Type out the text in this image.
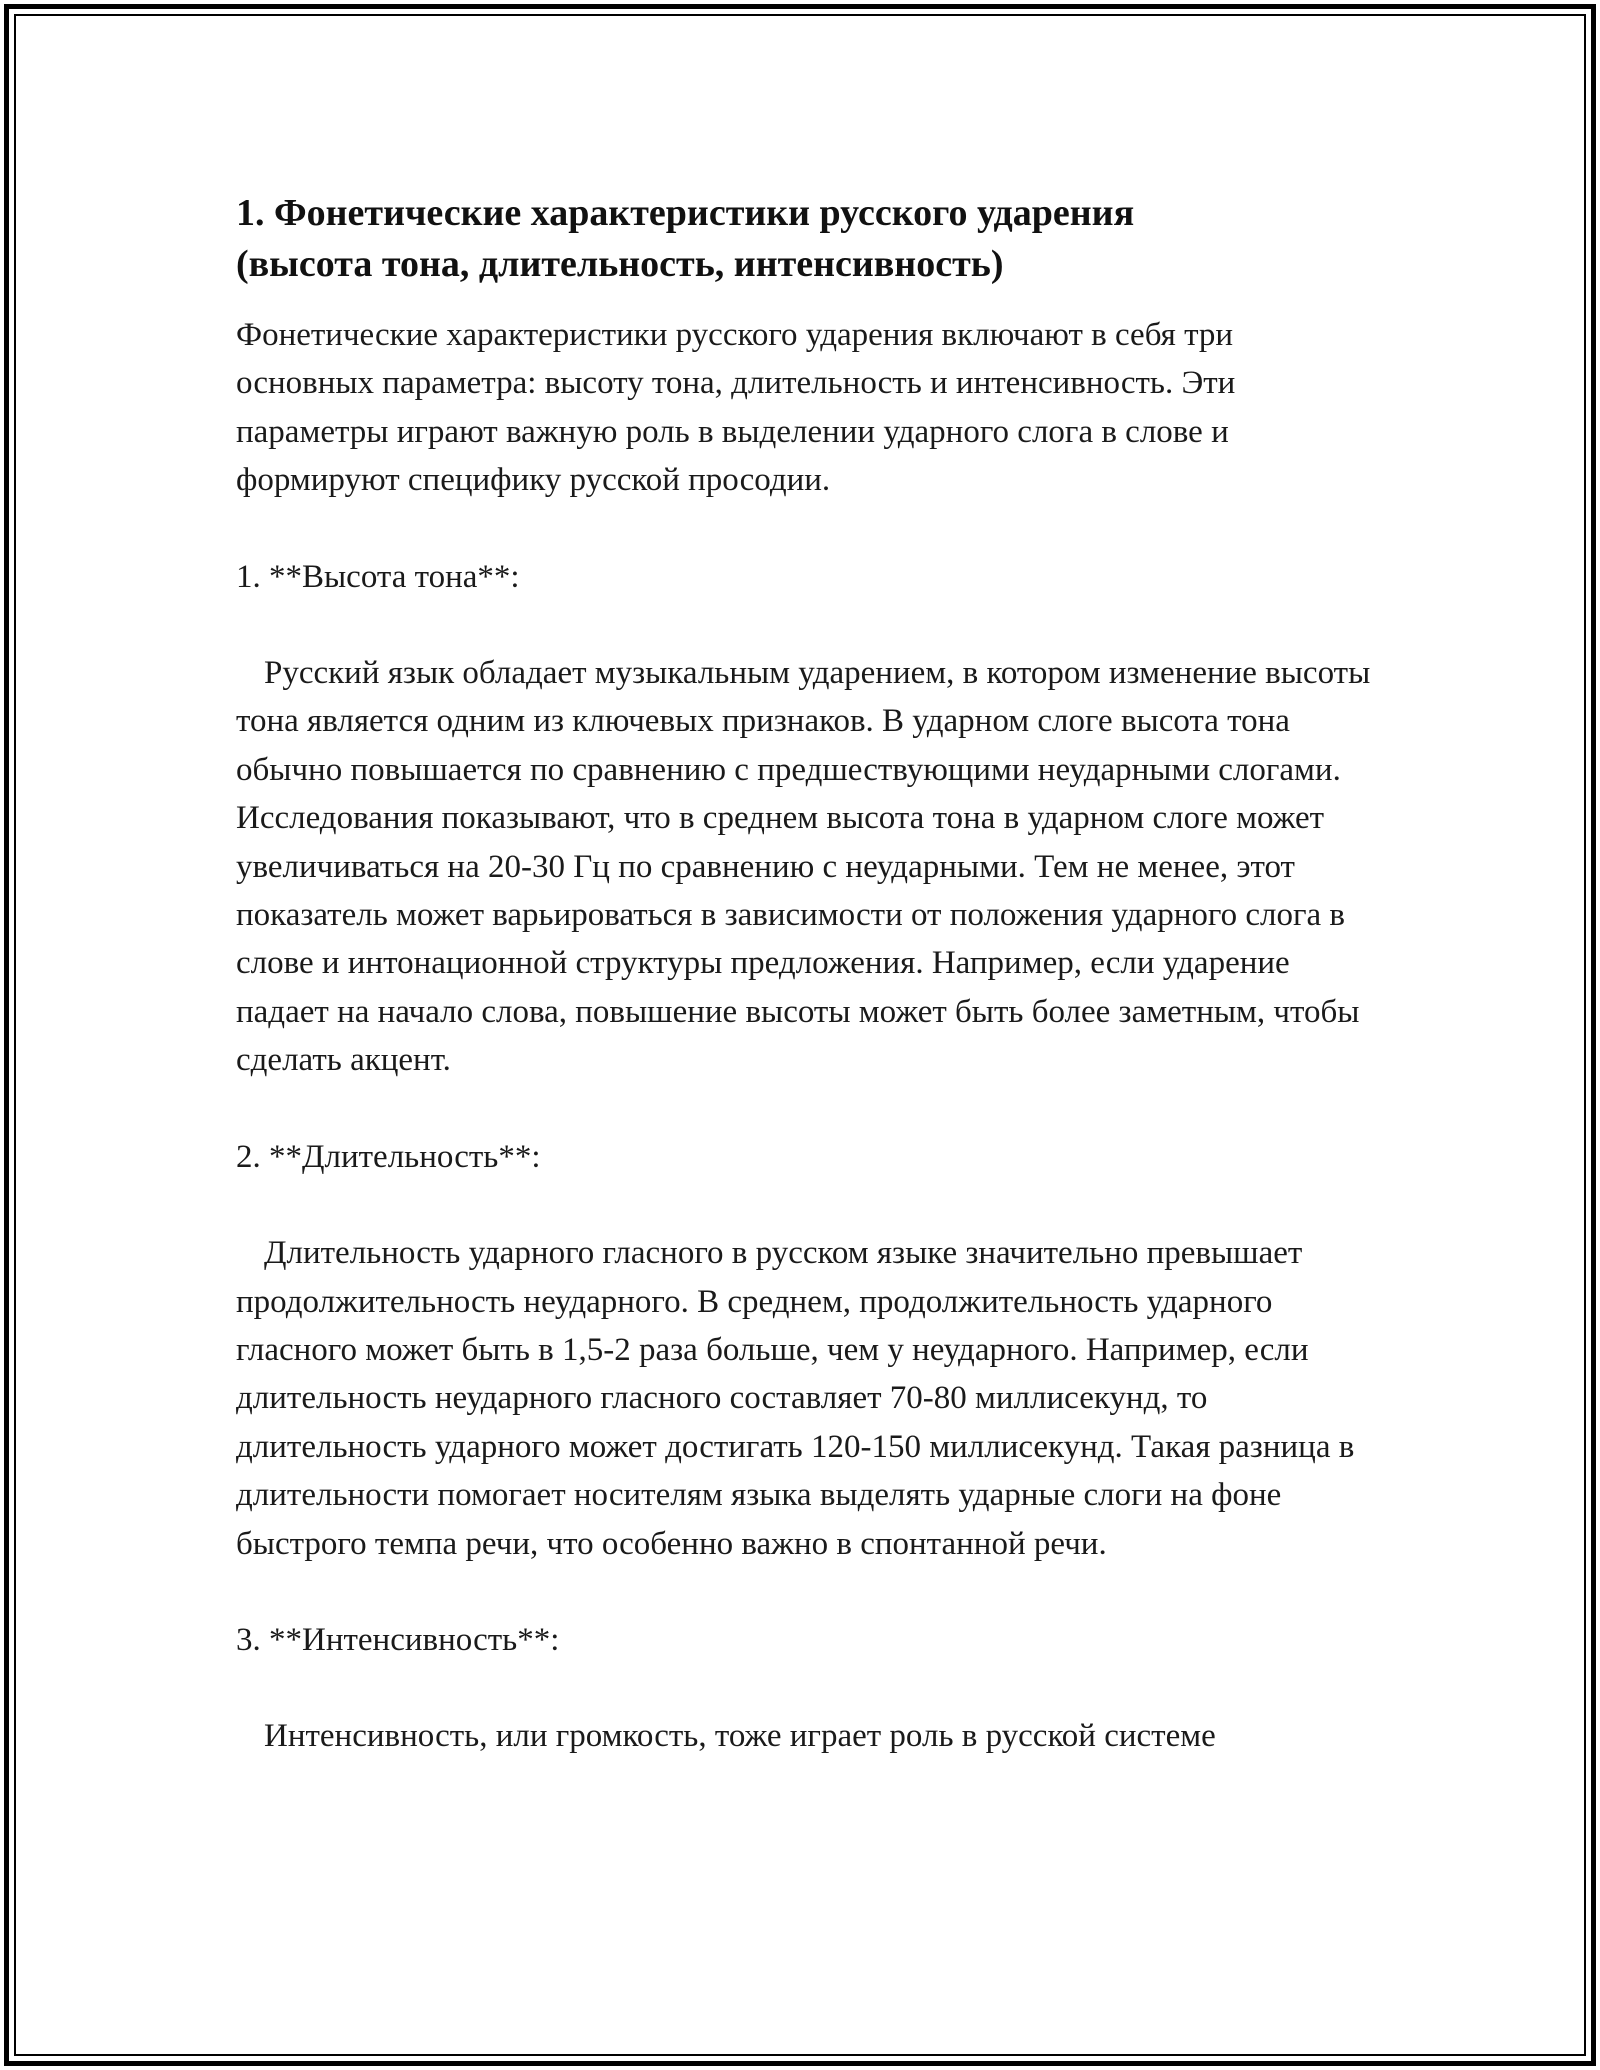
1. Фонетические характеристики русского ударения
(высота тона, длительность, интенсивность)

Фонетические характеристики русского ударения включают в себя три основных параметра: высоту тона, длительность и интенсивность. Эти параметры играют важную роль в выделении ударного слога в слове и формируют специфику русской просодии.

1. **Высота тона**:

Русский язык обладает музыкальным ударением, в котором изменение высоты тона является одним из ключевых признаков. В ударном слоге высота тона обычно повышается по сравнению с предшествующими неударными слогами. Исследования показывают, что в среднем высота тона в ударном слоге может увеличиваться на 20-30 Гц по сравнению с неударными. Тем не менее, этот показатель может варьироваться в зависимости от положения ударного слога в слове и интонационной структуры предложения. Например, если ударение падает на начало слова, повышение высоты может быть более заметным, чтобы сделать акцент.

2. **Длительность**:

Длительность ударного гласного в русском языке значительно превышает продолжительность неударного. В среднем, продолжительность ударного гласного может быть в 1,5-2 раза больше, чем у неударного. Например, если длительность неударного гласного составляет 70-80 миллисекунд, то длительность ударного может достигать 120-150 миллисекунд. Такая разница в длительности помогает носителям языка выделять ударные слоги на фоне быстрого темпа речи, что особенно важно в спонтанной речи.

3. **Интенсивность**:

Интенсивность, или громкость, тоже играет роль в русской системе
